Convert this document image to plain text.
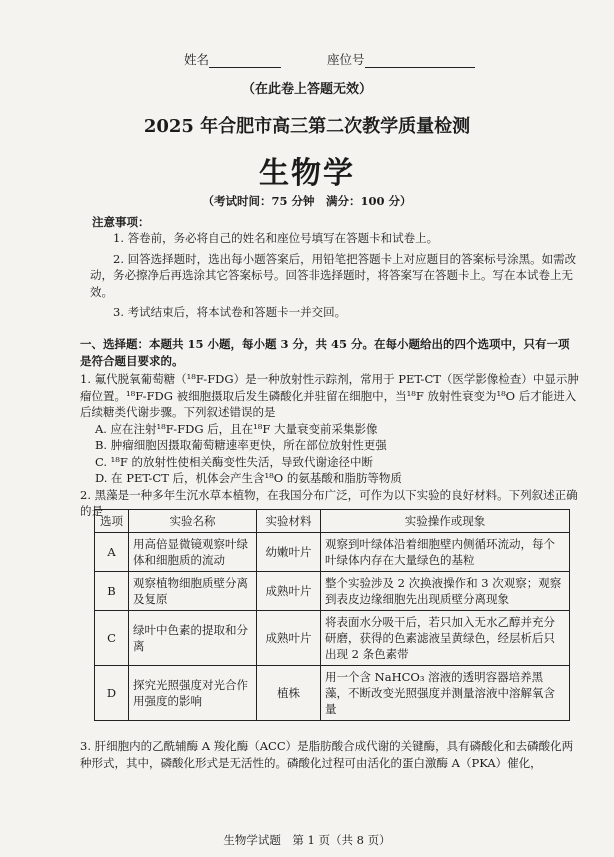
姓名	座位号
（在此卷上答题无效）
2025 年合肥市高三第二次教学质量检测
生物学
（考试时间：75 分钟　满分：100 分）
注意事项：

1. 答卷前，务必将自己的姓名和座位号填写在答题卡和试卷上。

2. 回答选择题时，选出每小题答案后，用铅笔把答题卡上对应题目的答案标号涂黑。如需改动，务必擦净后再选涂其它答案标号。回答非选择题时，将答案写在答题卡上。写在本试卷上无效。

3. 考试结束后，将本试卷和答题卡一并交回。

一、选择题：本题共 15 小题，每小题 3 分，共 45 分。在每小题给出的四个选项中，只有一项是符合题目要求的。

1. 氟代脱氧葡萄糖（¹⁸F-FDG）是一种放射性示踪剂，常用于 PET-CT（医学影像检查）中显示肿瘤位置。¹⁸F-FDG 被细胞摄取后发生磷酸化并驻留在细胞中，当¹⁸F 放射性衰变为¹⁸O 后才能进入后续糖类代谢步骤。下列叙述错误的是

A. 应在注射¹⁸F-FDG 后，且在¹⁸F 大量衰变前采集影像

B. 肿瘤细胞因摄取葡萄糖速率更快，所在部位放射性更强

C. ¹⁸F 的放射性使相关酶变性失活，导致代谢途径中断

D. 在 PET-CT 后，机体会产生含¹⁸O 的氨基酸和脂肪等物质

2. 黑藻是一种多年生沉水草本植物，在我国分布广泛，可作为以下实验的良好材料。下列叙述正确的是

选项	实验名称	实验材料	实验操作或现象
A	用高倍显微镜观察叶绿体和细胞质的流动	幼嫩叶片	观察到叶绿体沿着细胞壁内侧循环流动，每个叶绿体内存在大量绿色的基粒
B	观察植物细胞质壁分离及复原	成熟叶片	整个实验涉及 2 次换液操作和 3 次观察；观察到表皮边缘细胞先出现质壁分离现象
C	绿叶中色素的提取和分离	成熟叶片	将表面水分吸干后，若只加入无水乙醇并充分研磨，获得的色素滤液呈黄绿色，经层析后只出现 2 条色素带
D	探究光照强度对光合作用强度的影响	植株	用一个含 NaHCO₃ 溶液的透明容器培养黑藻，不断改变光照强度并测量溶液中溶解氧含量

3. 肝细胞内的乙酰辅酶 A 羧化酶（ACC）是脂肪酸合成代谢的关键酶，具有磷酸化和去磷酸化两种形式，其中，磷酸化形式是无活性的。磷酸化过程可由活化的蛋白激酶 A（PKA）催化，

生物学试题　第 1 页（共 8 页）
